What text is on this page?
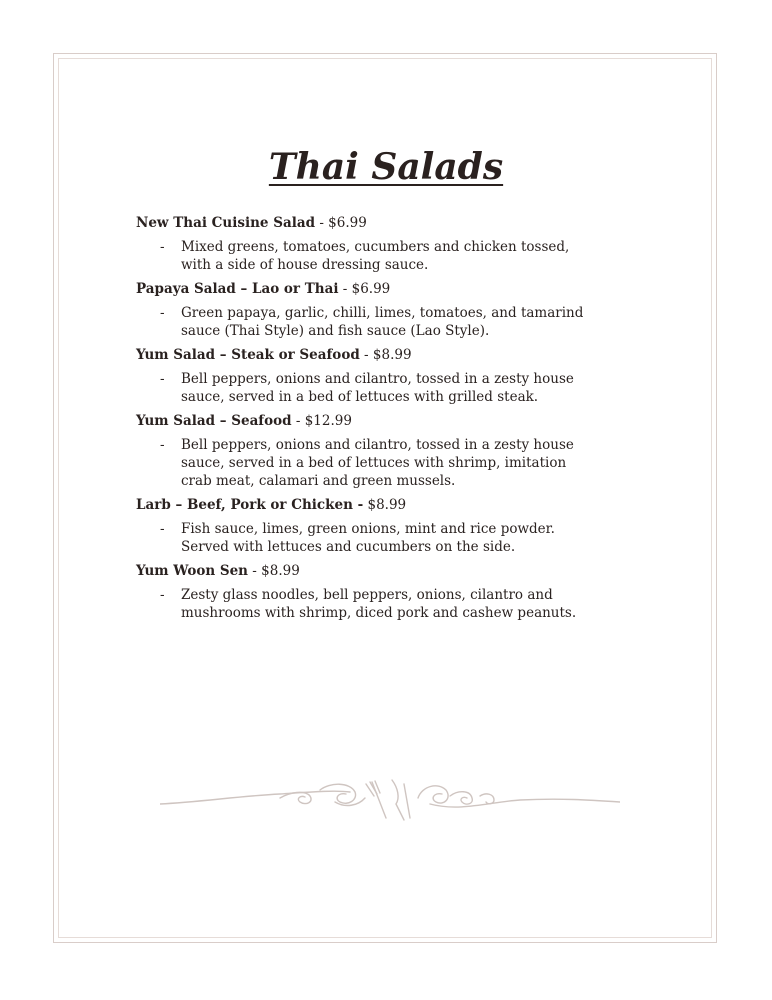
Thai Salads
New Thai Cuisine Salad - $6.99
- Mixed greens, tomatoes, cucumbers and chicken tossed, with a side of house dressing sauce.
Papaya Salad – Lao or Thai - $6.99
- Green papaya, garlic, chilli, limes, tomatoes, and tamarind sauce (Thai Style) and fish sauce (Lao Style).
Yum Salad – Steak or Seafood - $8.99
- Bell peppers, onions and cilantro, tossed in a zesty house sauce, served in a bed of lettuces with grilled steak.
Yum Salad – Seafood - $12.99
- Bell peppers, onions and cilantro, tossed in a zesty house sauce, served in a bed of lettuces with shrimp, imitation crab meat, calamari and green mussels.
Larb – Beef, Pork or Chicken - $8.99
- Fish sauce, limes, green onions, mint and rice powder. Served with lettuces and cucumbers on the side.
Yum Woon Sen - $8.99
- Zesty glass noodles, bell peppers, onions, cilantro and mushrooms with shrimp, diced pork and cashew peanuts.
